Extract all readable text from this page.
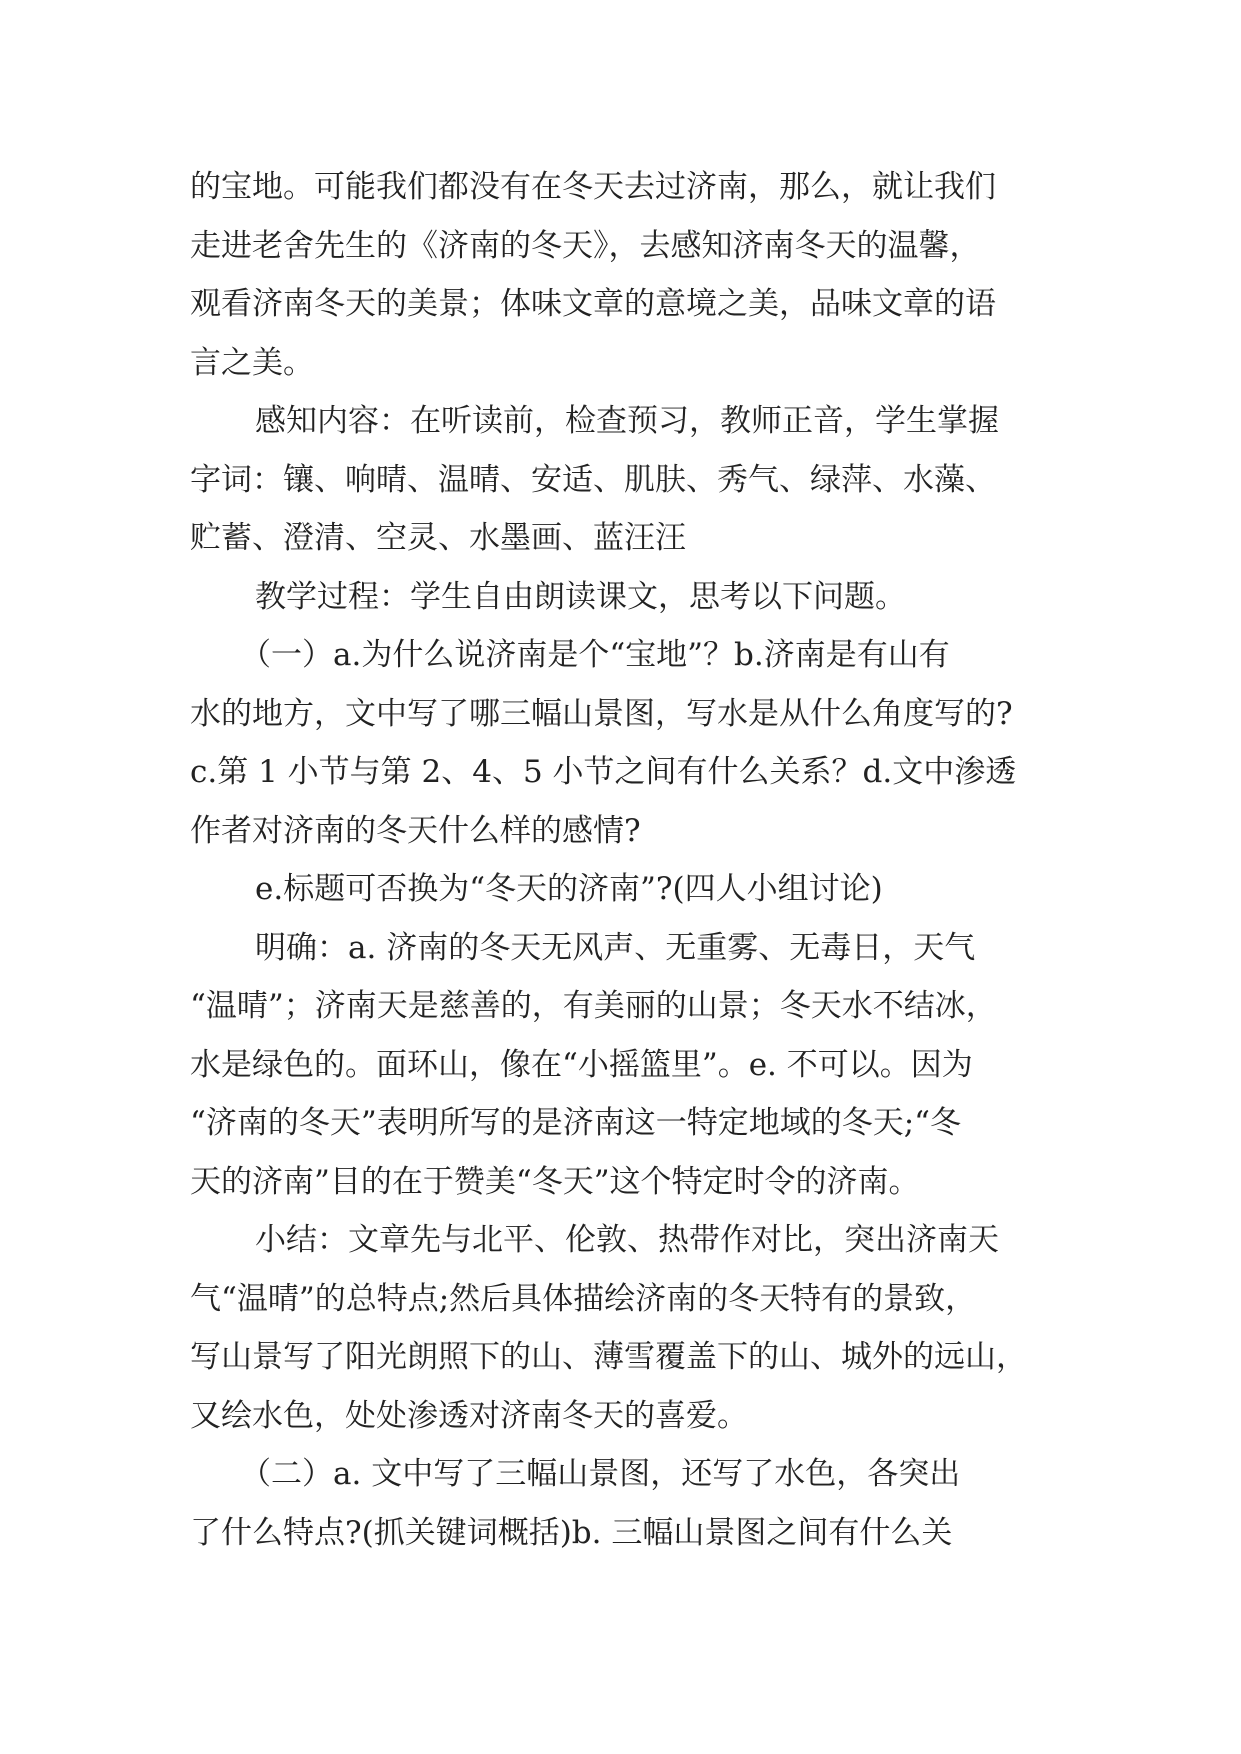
的宝地。可能我们都没有在冬天去过济南，那么，就让我们
走进老舍先生的《济南的冬天》，去感知济南冬天的温馨，
观看济南冬天的美景；体味文章的意境之美，品味文章的语
言之美。
感知内容：在听读前，检查预习，教师正音，学生掌握
字词：镶、响晴、温晴、安适、肌肤、秀气、绿萍、水藻、
贮蓄、澄清、空灵、水墨画、蓝汪汪
教学过程：学生自由朗读课文，思考以下问题。
（一）a.为什么说济南是个“宝地”？b.济南是有山有
水的地方，文中写了哪三幅山景图，写水是从什么角度写的?
c.第 1 小节与第 2、4、5 小节之间有什么关系？d.文中渗透
作者对济南的冬天什么样的感情?
e.标题可否换为“冬天的济南”?(四人小组讨论)
明确：a. 济南的冬天无风声、无重雾、无毒日，天气
“温晴”；济南天是慈善的，有美丽的山景；冬天水不结冰，
水是绿色的。面环山，像在“小摇篮里”。e. 不可以。因为
“济南的冬天”表明所写的是济南这一特定地域的冬天;“冬
天的济南”目的在于赞美“冬天”这个特定时令的济南。
小结：文章先与北平、伦敦、热带作对比，突出济南天
气“温晴”的总特点;然后具体描绘济南的冬天特有的景致，
写山景写了阳光朗照下的山、薄雪覆盖下的山、城外的远山，
又绘水色，处处渗透对济南冬天的喜爱。
（二）a. 文中写了三幅山景图，还写了水色，各突出
了什么特点?(抓关键词概括)b. 三幅山景图之间有什么关
